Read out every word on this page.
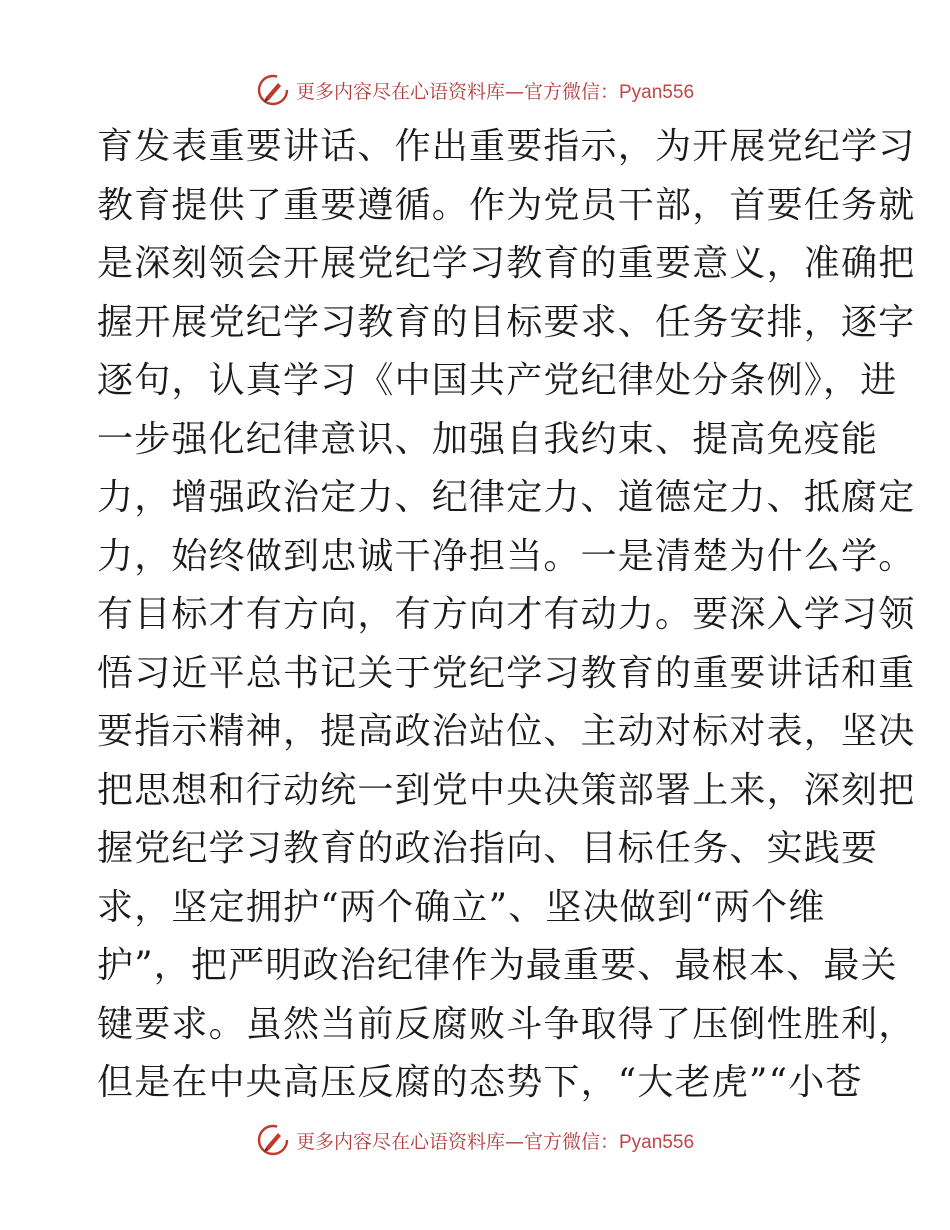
更多内容尽在心语资料库—官方微信：Pyan556
育发表重要讲话、作出重要指示，为开展党纪学习
教育提供了重要遵循。作为党员干部，首要任务就
是深刻领会开展党纪学习教育的重要意义，准确把
握开展党纪学习教育的目标要求、任务安排，逐字
逐句，认真学习《中国共产党纪律处分条例》，进
一步强化纪律意识、加强自我约束、提高免疫能
力，增强政治定力、纪律定力、道德定力、抵腐定
力，始终做到忠诚干净担当。一是清楚为什么学。
有目标才有方向，有方向才有动力。要深入学习领
悟习近平总书记关于党纪学习教育的重要讲话和重
要指示精神，提高政治站位、主动对标对表，坚决
把思想和行动统一到党中央决策部署上来，深刻把
握党纪学习教育的政治指向、目标任务、实践要
求，坚定拥护“两个确立”、坚决做到“两个维
护”，把严明政治纪律作为最重要、最根本、最关
键要求。虽然当前反腐败斗争取得了压倒性胜利，
但是在中央高压反腐的态势下，“大老虎”“小苍
更多内容尽在心语资料库—官方微信：Pyan556
